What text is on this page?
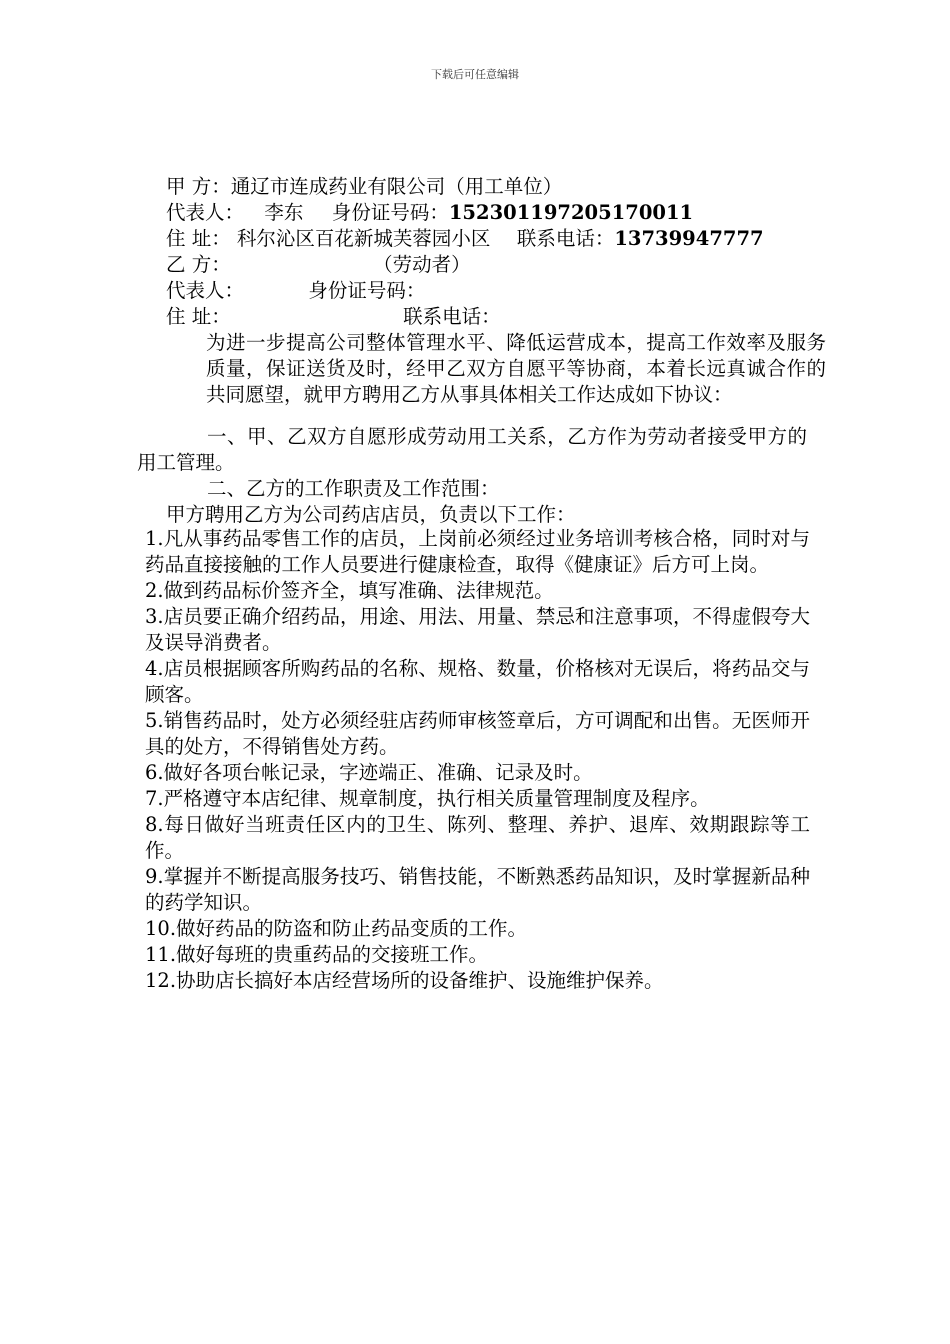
下载后可任意编辑
甲 方：通辽市连成药业有限公司（用工单位）
代表人： 李东 身份证号码：152301197205170011
住 址： 科尔沁区百花新城芙蓉园小区 联系电话：13739947777
乙 方：	（劳动者）
代表人：	身份证号码：
住 址：	联系电话：
为进一步提高公司整体管理水平、降低运营成本，提高工作效率及服务质量，保证送货及时，经甲乙双方自愿平等协商，本着长远真诚合作的共同愿望，就甲方聘用乙方从事具体相关工作达成如下协议：
一、甲、乙双方自愿形成劳动用工关系，乙方作为劳动者接受甲方的用工管理。
二、乙方的工作职责及工作范围：
甲方聘用乙方为公司药店店员，负责以下工作：
1.凡从事药品零售工作的店员，上岗前必须经过业务培训考核合格，同时对与药品直接接触的工作人员要进行健康检查，取得《健康证》后方可上岗。
2.做到药品标价签齐全，填写准确、法律规范。
3.店员要正确介绍药品，用途、用法、用量、禁忌和注意事项，不得虚假夸大及误导消费者。
4.店员根据顾客所购药品的名称、规格、数量，价格核对无误后，将药品交与顾客。
5.销售药品时，处方必须经驻店药师审核签章后，方可调配和出售。无医师开具的处方，不得销售处方药。
6.做好各项台帐记录，字迹端正、准确、记录及时。
7.严格遵守本店纪律、规章制度，执行相关质量管理制度及程序。
8.每日做好当班责任区内的卫生、陈列、整理、养护、退库、效期跟踪等工作。
9.掌握并不断提高服务技巧、销售技能，不断熟悉药品知识，及时掌握新品种的药学知识。
10.做好药品的防盗和防止药品变质的工作。
11.做好每班的贵重药品的交接班工作。
12.协助店长搞好本店经营场所的设备维护、设施维护保养。
